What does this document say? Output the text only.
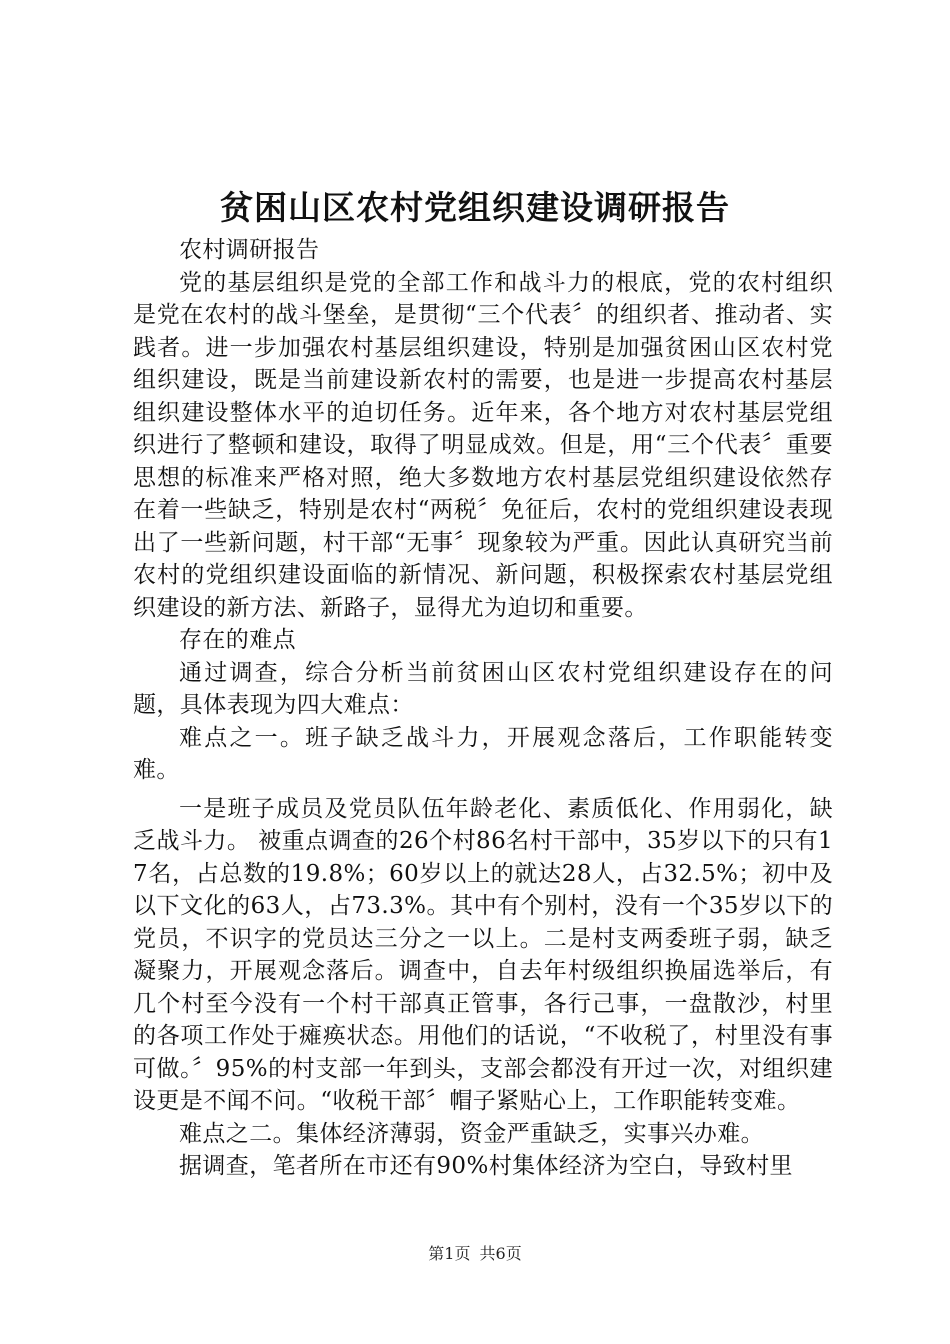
贫困山区农村党组织建设调研报告

农村调研报告

党的基层组织是党的全部工作和战斗力的根底，党的农村组织是党在农村的战斗堡垒，是贯彻“三个代表〞的组织者、推动者、实践者。进一步加强农村基层组织建设，特别是加强贫困山区农村党组织建设，既是当前建设新农村的需要，也是进一步提高农村基层组织建设整体水平的迫切任务。近年来，各个地方对农村基层党组织进行了整顿和建设，取得了明显成效。但是，用“三个代表〞重要思想的标准来严格对照，绝大多数地方农村基层党组织建设依然存在着一些缺乏，特别是农村“两税〞免征后，农村的党组织建设表现出了一些新问题，村干部“无事〞现象较为严重。因此认真研究当前农村的党组织建设面临的新情况、新问题，积极探索农村基层党组织建设的新方法、新路子，显得尤为迫切和重要。

存在的难点

通过调查，综合分析当前贫困山区农村党组织建设存在的问题，具体表现为四大难点：

难点之一。班子缺乏战斗力，开展观念落后，工作职能转变难。

一是班子成员及党员队伍年龄老化、素质低化、作用弱化，缺乏战斗力。 被重点调查的26个村86名村干部中，35岁以下的只有17名，占总数的19.8%；60岁以上的就达28人，占32.5%；初中及以下文化的63人，占73.3%。其中有个别村，没有一个35岁以下的党员，不识字的党员达三分之一以上。二是村支两委班子弱，缺乏凝聚力，开展观念落后。调查中，自去年村级组织换届选举后，有几个村至今没有一个村干部真正管事，各行己事，一盘散沙，村里的各项工作处于瘫痪状态。用他们的话说，“不收税了，村里没有事可做。〞95%的村支部一年到头，支部会都没有开过一次，对组织建设更是不闻不问。“收税干部〞帽子紧贴心上，工作职能转变难。

难点之二。集体经济薄弱，资金严重缺乏，实事兴办难。

据调查，笔者所在市还有90%村集体经济为空白，导致村里

第1页 共6页
